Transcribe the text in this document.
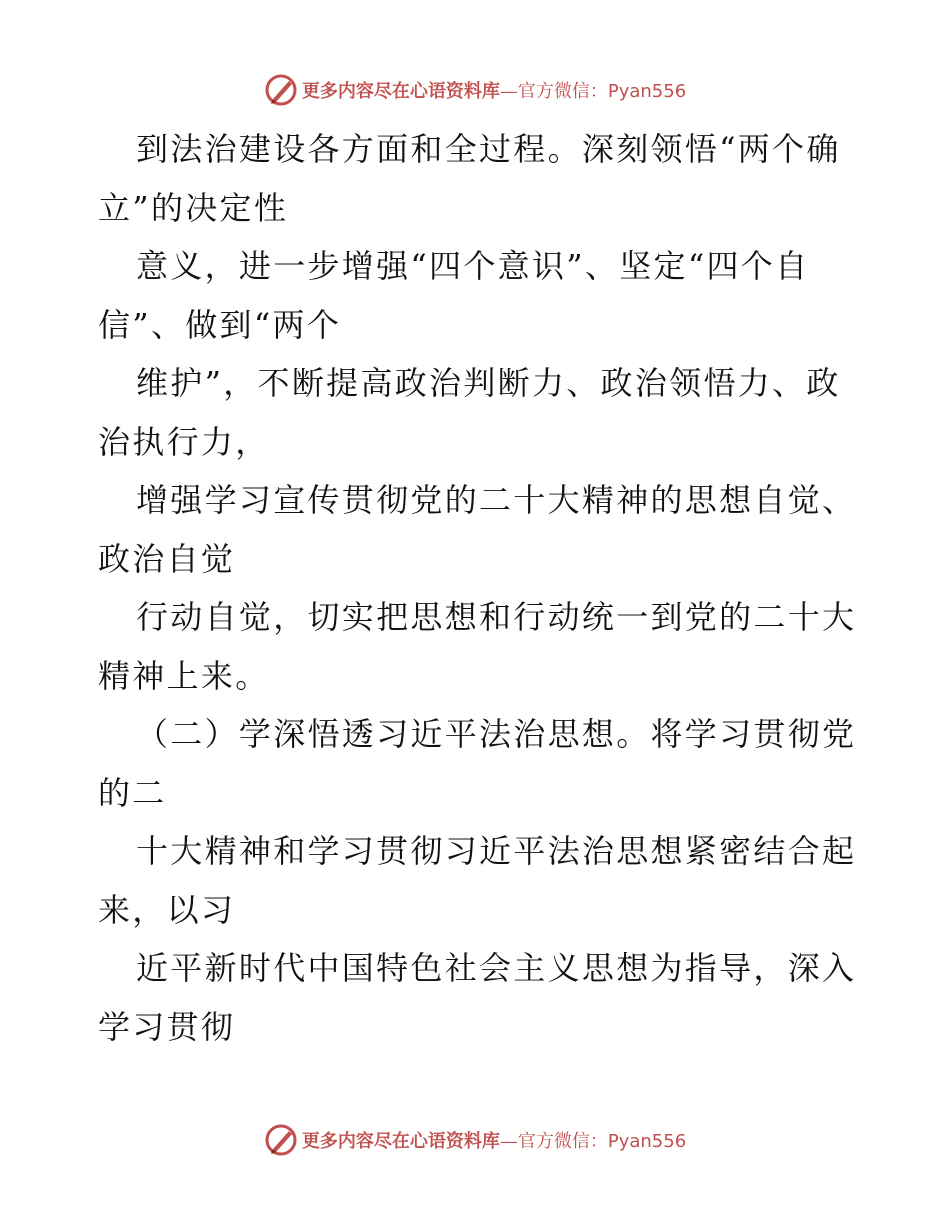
更多内容尽在心语资料库—官方微信：Pyan556

到法治建设各方面和全过程。深刻领悟“两个确

立”的决定性

意义，进一步增强“四个意识”、坚定“四个自

信”、做到“两个

维护”，不断提高政治判断力、政治领悟力、政

治执行力，

增强学习宣传贯彻党的二十大精神的思想自觉、

政治自觉

行动自觉，切实把思想和行动统一到党的二十大

精神上来。

（二）学深悟透习近平法治思想。将学习贯彻党

的二

十大精神和学习贯彻习近平法治思想紧密结合起

来，以习

近平新时代中国特色社会主义思想为指导，深入

学习贯彻

更多内容尽在心语资料库—官方微信：Pyan556
